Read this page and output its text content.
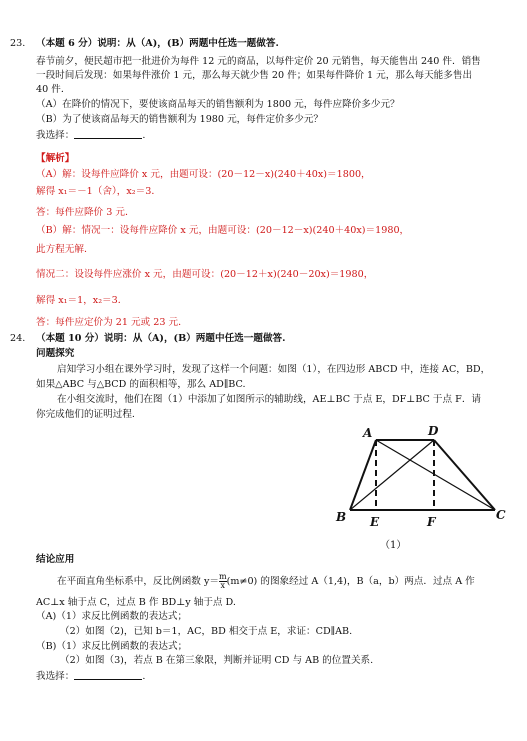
23. （本题 6 分）说明：从（A)，(B）两题中任选一题做答.
春节前夕，便民超市把一批进价为每件 12 元的商品，以每件定价 20 元销售，每天能售出 240 件．销售
一段时间后发现：如果每件涨价 1 元，那么每天就少售 20 件；如果每件降价 1 元，那么每天能多售出
40 件．
（A）在降价的情况下，要使该商品每天的销售额利为 1800 元，每件应降价多少元？
（B）为了使该商品每天的销售额利为 1980 元，每件定价多少元？
我选择：	.
【解析】
（A）解：设每件应降价 x 元，由题可设：(20－12－x)(240＋40x)＝1800，
解得 x₁＝－1（舍），x₂＝3．
答：每件应降价 3 元．
（B）解：情况一：设每件应降价 x 元，由题可设：(20－12－x)(240＋40x)＝1980，
此方程无解．
情况二：设设每件应涨价 x 元，由题可设：(20－12＋x)(240－20x)＝1980，
解得 x₁＝1，x₂＝3．
答：每件应定价为 21 元或 23 元．
24. （本题 10 分）说明：从（A)，(B）两题中任选一题做答.
问题探究
启知学习小组在课外学习时，发现了这样一个问题：如图（1），在四边形 ABCD 中，连接 AC，BD，
如果△ABC 与△BCD 的面积相等，那么 AD∥BC.
在小组交流时，他们在图（1）中添加了如图所示的辅助线，AE⊥BC 于点 E，DF⊥BC 于点 F．请
你完成他们的证明过程.
A	D
B	C
E	F
（1）
结论应用
在平面直角坐标系中，反比例函数 $y= \frac{m}{x} (m\ne 0)$ 的图象经过 A（1,4)，B（a，b）两点．过点 A 作
AC⊥x 轴于点 C，过点 B 作 BD⊥y 轴于点 D.
（A)（1）求反比例函数的表达式；
（2）如图（2)，已知 b＝1，AC，BD 相交于点 E，求证：CD∥AB.
（B)（1）求反比例函数的表达式；
（2）如图（3)，若点 B 在第三象限，判断并证明 CD 与 AB 的位置关系.
我选择：	.
